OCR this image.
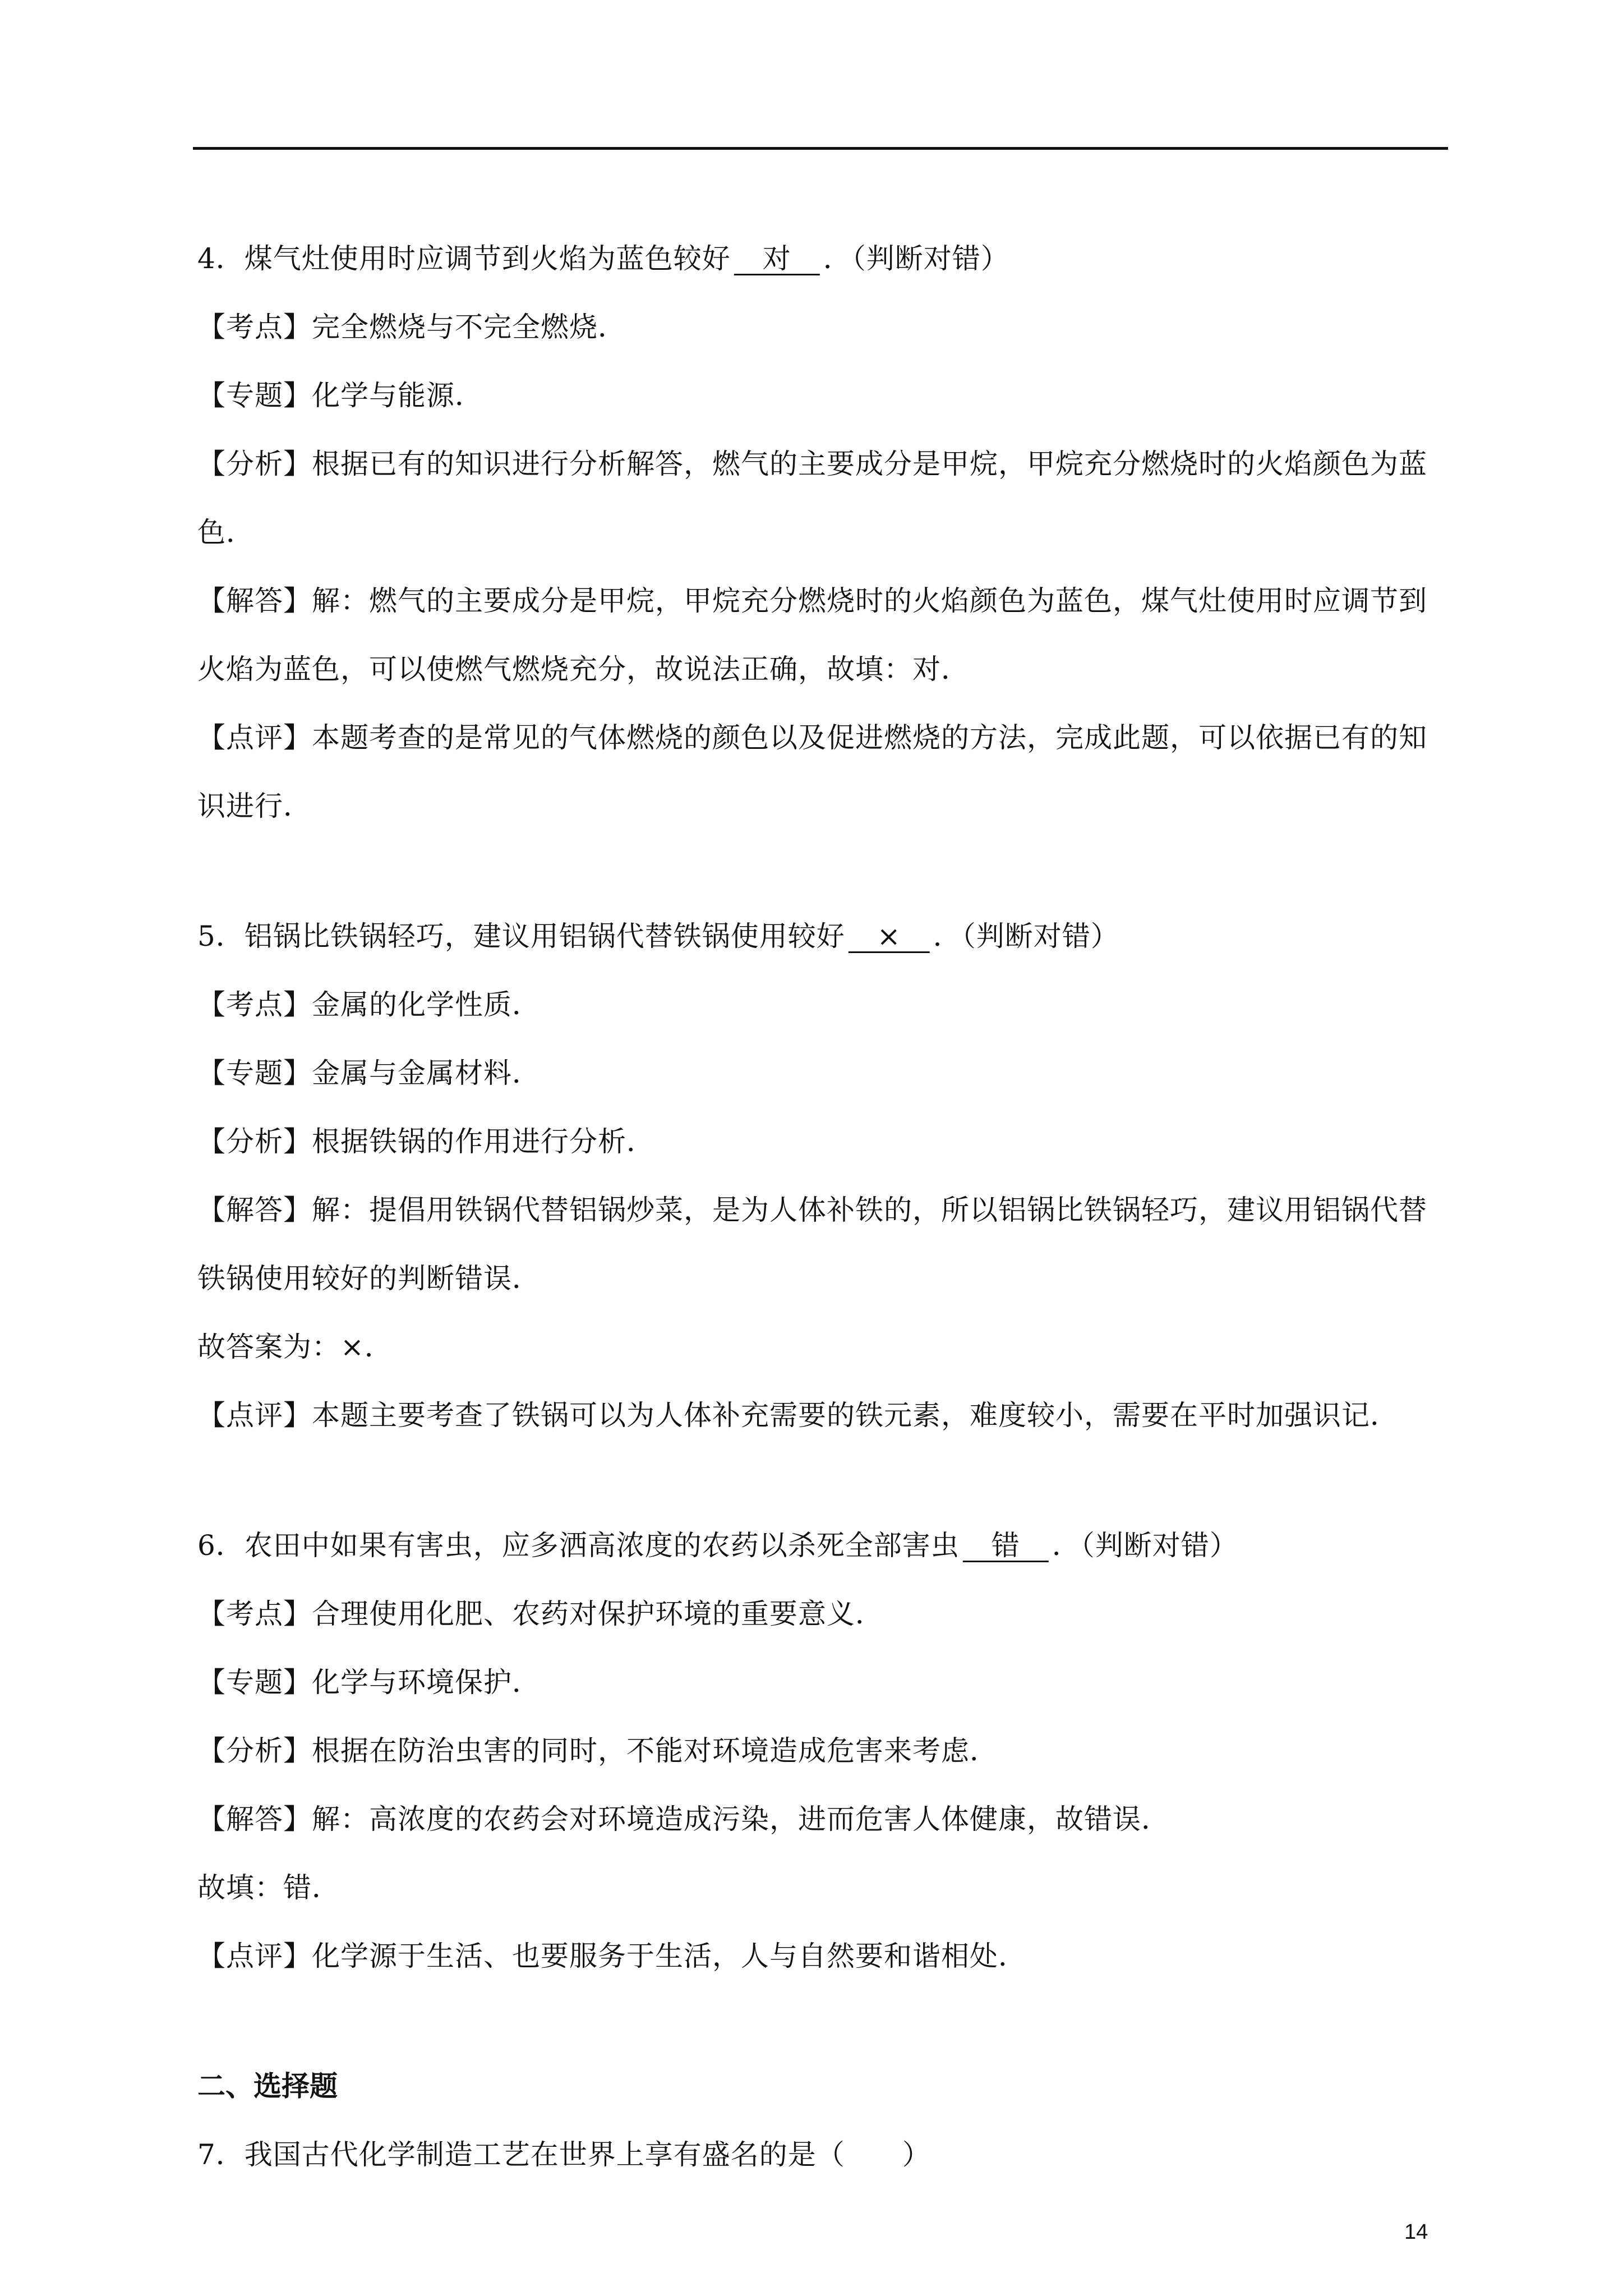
4．煤气灶使用时应调节到火焰为蓝色较好　对　．（判断对错）
【考点】完全燃烧与不完全燃烧．
【专题】化学与能源．
【分析】根据已有的知识进行分析解答，燃气的主要成分是甲烷，甲烷充分燃烧时的火焰颜色为蓝
色．
【解答】解：燃气的主要成分是甲烷，甲烷充分燃烧时的火焰颜色为蓝色，煤气灶使用时应调节到
火焰为蓝色，可以使燃气燃烧充分，故说法正确，故填：对．
【点评】本题考查的是常见的气体燃烧的颜色以及促进燃烧的方法，完成此题，可以依据已有的知
识进行．
5．铝锅比铁锅轻巧，建议用铝锅代替铁锅使用较好　×　．（判断对错）
【考点】金属的化学性质．
【专题】金属与金属材料．
【分析】根据铁锅的作用进行分析．
【解答】解：提倡用铁锅代替铝锅炒菜，是为人体补铁的，所以铝锅比铁锅轻巧，建议用铝锅代替
铁锅使用较好的判断错误．
故答案为：×．
【点评】本题主要考查了铁锅可以为人体补充需要的铁元素，难度较小，需要在平时加强识记．
6．农田中如果有害虫，应多洒高浓度的农药以杀死全部害虫　错　．（判断对错）
【考点】合理使用化肥、农药对保护环境的重要意义．
【专题】化学与环境保护．
【分析】根据在防治虫害的同时，不能对环境造成危害来考虑．
【解答】解：高浓度的农药会对环境造成污染，进而危害人体健康，故错误．
故填：错．
【点评】化学源于生活、也要服务于生活，人与自然要和谐相处．
二、选择题
7．我国古代化学制造工艺在世界上享有盛名的是（　　）
14
